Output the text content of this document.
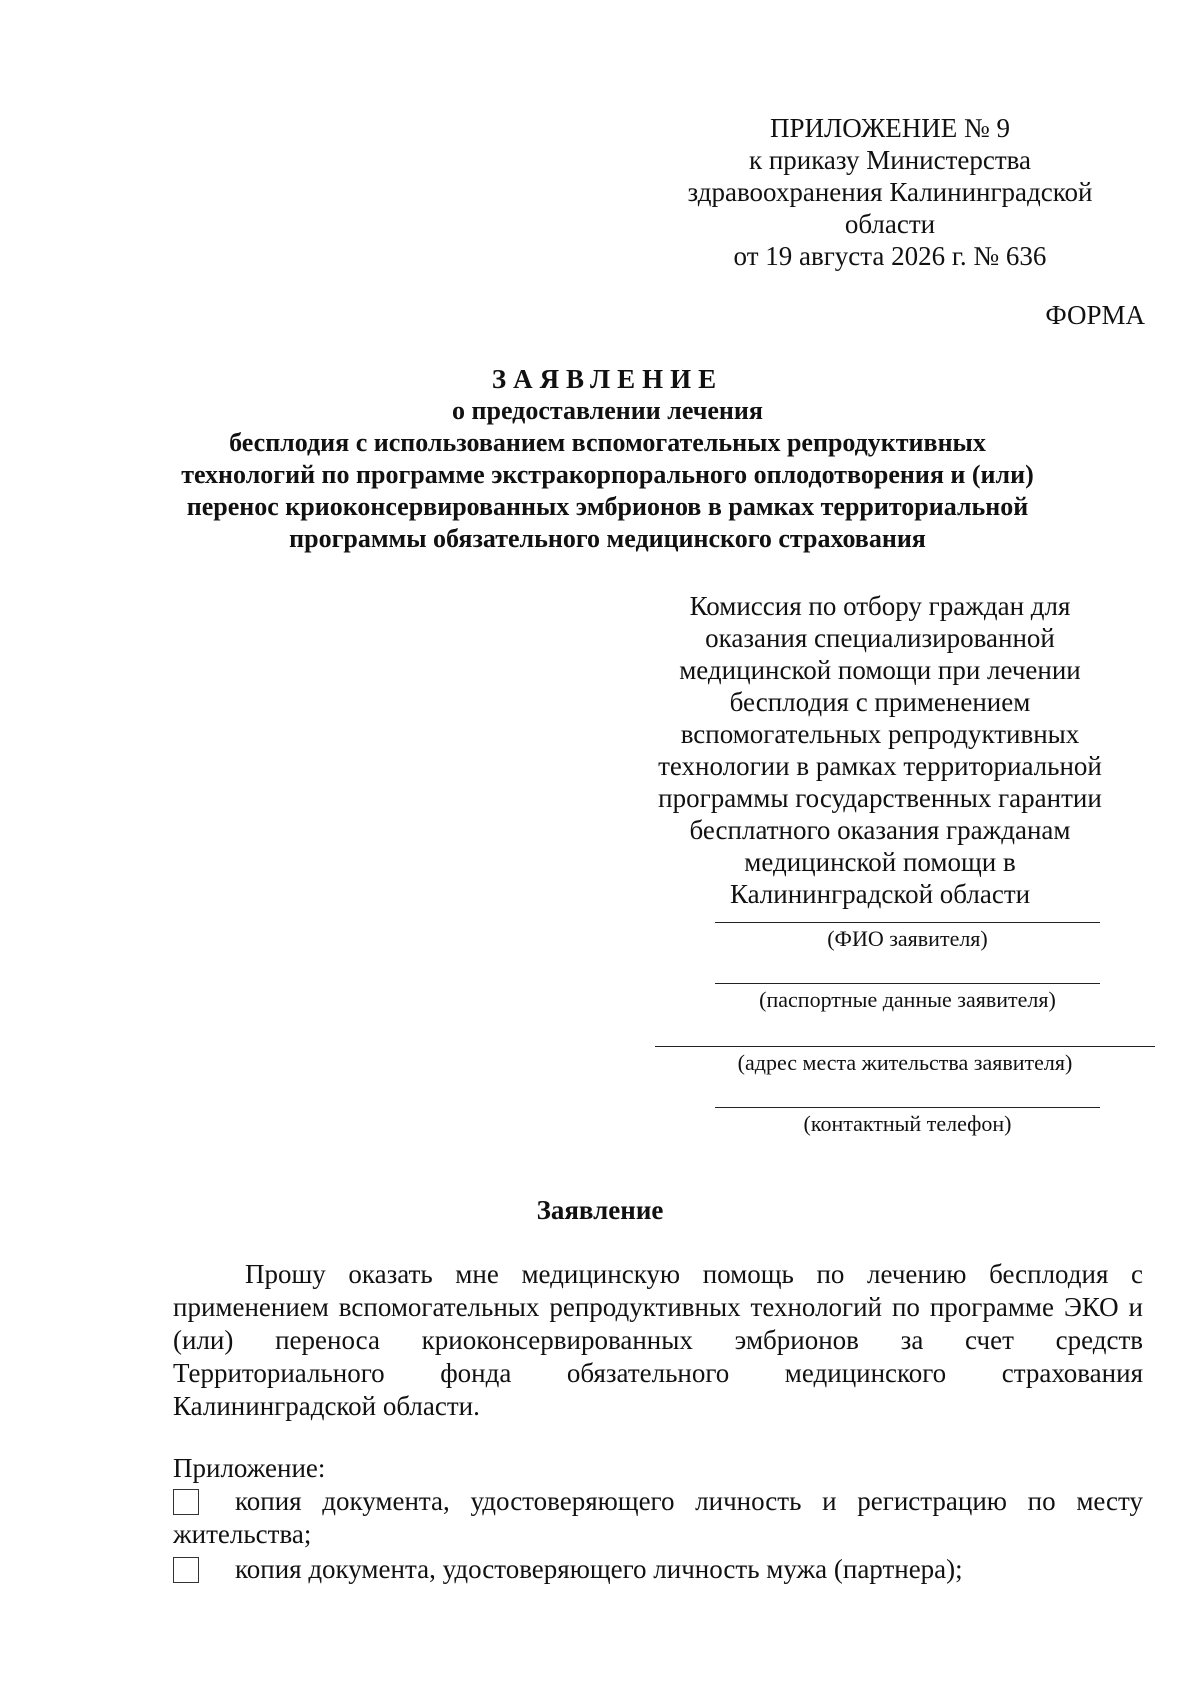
ПРИЛОЖЕНИЕ № 9
к приказу Министерства
здравоохранения Калининградской
области
от 19 августа 2026 г. № 636
ФОРМА
ЗАЯВЛЕНИЕ
о предоставлении лечения
бесплодия с использованием вспомогательных репродуктивных
технологий по программе экстракорпорального оплодотворения и (или)
перенос криоконсервированных эмбрионов в рамках территориальной
программы обязательного медицинского страхования
Комиссия по отбору граждан для
оказания специализированной
медицинской помощи при лечении
бесплодия с применением
вспомогательных репродуктивных
технологии в рамках территориальной
программы государственных гарантии
бесплатного оказания гражданам
медицинской помощи в
Калининградской области
(ФИО заявителя)
(паспортные данные заявителя)
(адрес места жительства заявителя)
(контактный телефон)
Заявление
Прошу оказать мне медицинскую помощь по лечению бесплодия с применением вспомогательных репродуктивных технологий по программе ЭКО и (или) переноса криоконсервированных эмбрионов за счет средств Территориального фонда обязательного медицинского страхования Калининградской области.
Приложение:
копия документа, удостоверяющего личность и регистрацию по месту жительства;
копия документа, удостоверяющего личность мужа (партнера);
